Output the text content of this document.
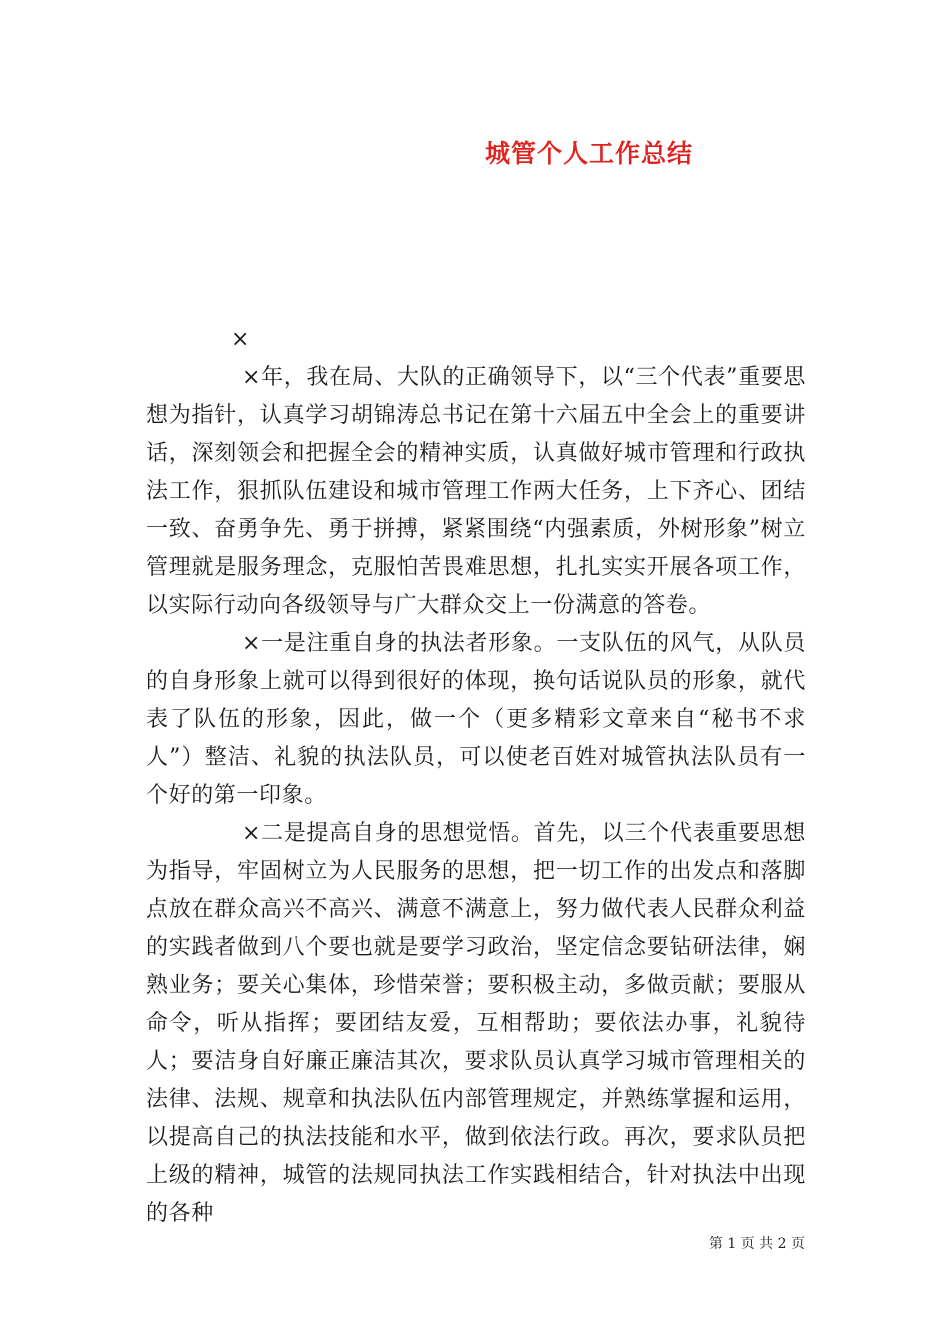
城管个人工作总结
×

×年，我在局、大队的正确领导下，以“三个代表”重要思想为指针，认真学习胡锦涛总书记在第十六届五中全会上的重要讲话，深刻领会和把握全会的精神实质，认真做好城市管理和行政执法工作，狠抓队伍建设和城市管理工作两大任务，上下齐心、团结一致、奋勇争先、勇于拼搏，紧紧围绕“内强素质，外树形象”树立管理就是服务理念，克服怕苦畏难思想，扎扎实实开展各项工作，以实际行动向各级领导与广大群众交上一份满意的答卷。

×一是注重自身的执法者形象。一支队伍的风气，从队员的自身形象上就可以得到很好的体现，换句话说队员的形象，就代表了队伍的形象，因此，做一个（更多精彩文章来自“秘书不求人”）整洁、礼貌的执法队员，可以使老百姓对城管执法队员有一个好的第一印象。

×二是提高自身的思想觉悟。首先，以三个代表重要思想为指导，牢固树立为人民服务的思想，把一切工作的出发点和落脚点放在群众高兴不高兴、满意不满意上，努力做代表人民群众利益的实践者做到八个要也就是要学习政治，坚定信念要钻研法律，娴熟业务；要关心集体，珍惜荣誉；要积极主动，多做贡献；要服从命令，听从指挥；要团结友爱，互相帮助；要依法办事，礼貌待人；要洁身自好廉正廉洁其次，要求队员认真学习城市管理相关的法律、法规、规章和执法队伍内部管理规定，并熟练掌握和运用，以提高自己的执法技能和水平，做到依法行政。再次，要求队员把上级的精神，城管的法规同执法工作实践相结合，针对执法中出现的各种

第 1 页 共 2 页
